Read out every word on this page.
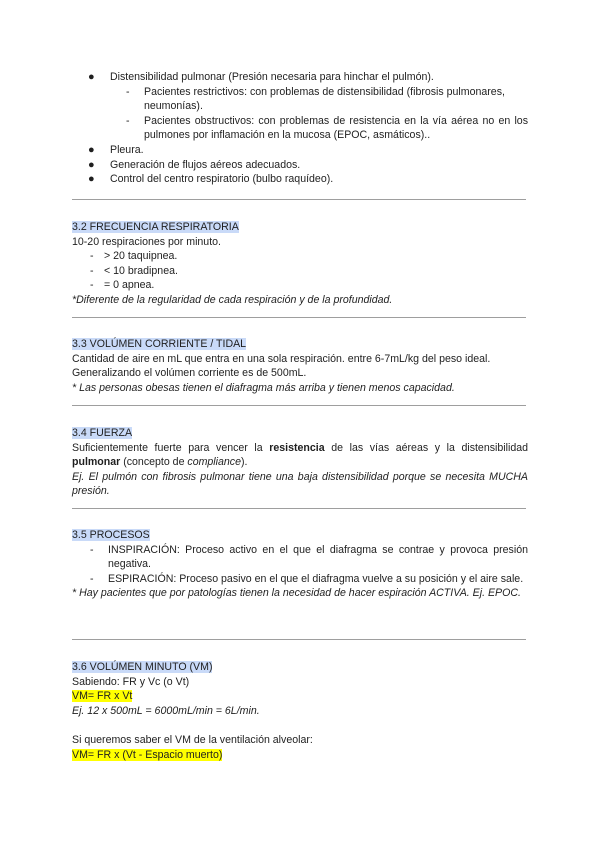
● Distensibilidad pulmonar (Presión necesaria para hinchar el pulmón).
- Pacientes restrictivos: con problemas de distensibilidad (fibrosis pulmonares, neumonías).
- Pacientes obstructivos: con problemas de resistencia en la vía aérea no en los pulmones por inflamación en la mucosa (EPOC, asmáticos)..
● Pleura.
● Generación de flujos aéreos adecuados.
● Control del centro respiratorio (bulbo raquídeo).
3.2 FRECUENCIA RESPIRATORIA
10-20 respiraciones por minuto.
- > 20 taquipnea.
- < 10 bradipnea.
- = 0 apnea.
*Diferente de la regularidad de cada respiración y de la profundidad.
3.3 VOLÚMEN CORRIENTE / TIDAL
Cantidad de aire en mL que entra en una sola respiración. entre 6-7mL/kg del peso ideal.
Generalizando el volúmen corriente es de 500mL.
* Las personas obesas tienen el diafragma más arriba y tienen menos capacidad.
3.4 FUERZA
Suficientemente fuerte para vencer la resistencia de las vías aéreas y la distensibilidad pulmonar (concepto de compliance).
Ej. El pulmón con fibrosis pulmonar tiene una baja distensibilidad porque se necesita MUCHA presión.
3.5 PROCESOS
- INSPIRACIÓN: Proceso activo en el que el diafragma se contrae y provoca presión negativa.
- ESPIRACIÓN: Proceso pasivo en el que el diafragma vuelve a su posición y el aire sale.
* Hay pacientes que por patologías tienen la necesidad de hacer espiración ACTIVA. Ej. EPOC.
3.6 VOLÚMEN MINUTO (VM)
Sabiendo: FR y Vc (o Vt)
VM= FR x Vt
Ej. 12 x 500mL = 6000mL/min = 6L/min.
Si queremos saber el VM de la ventilación alveolar:
VM= FR x (Vt - Espacio muerto)
